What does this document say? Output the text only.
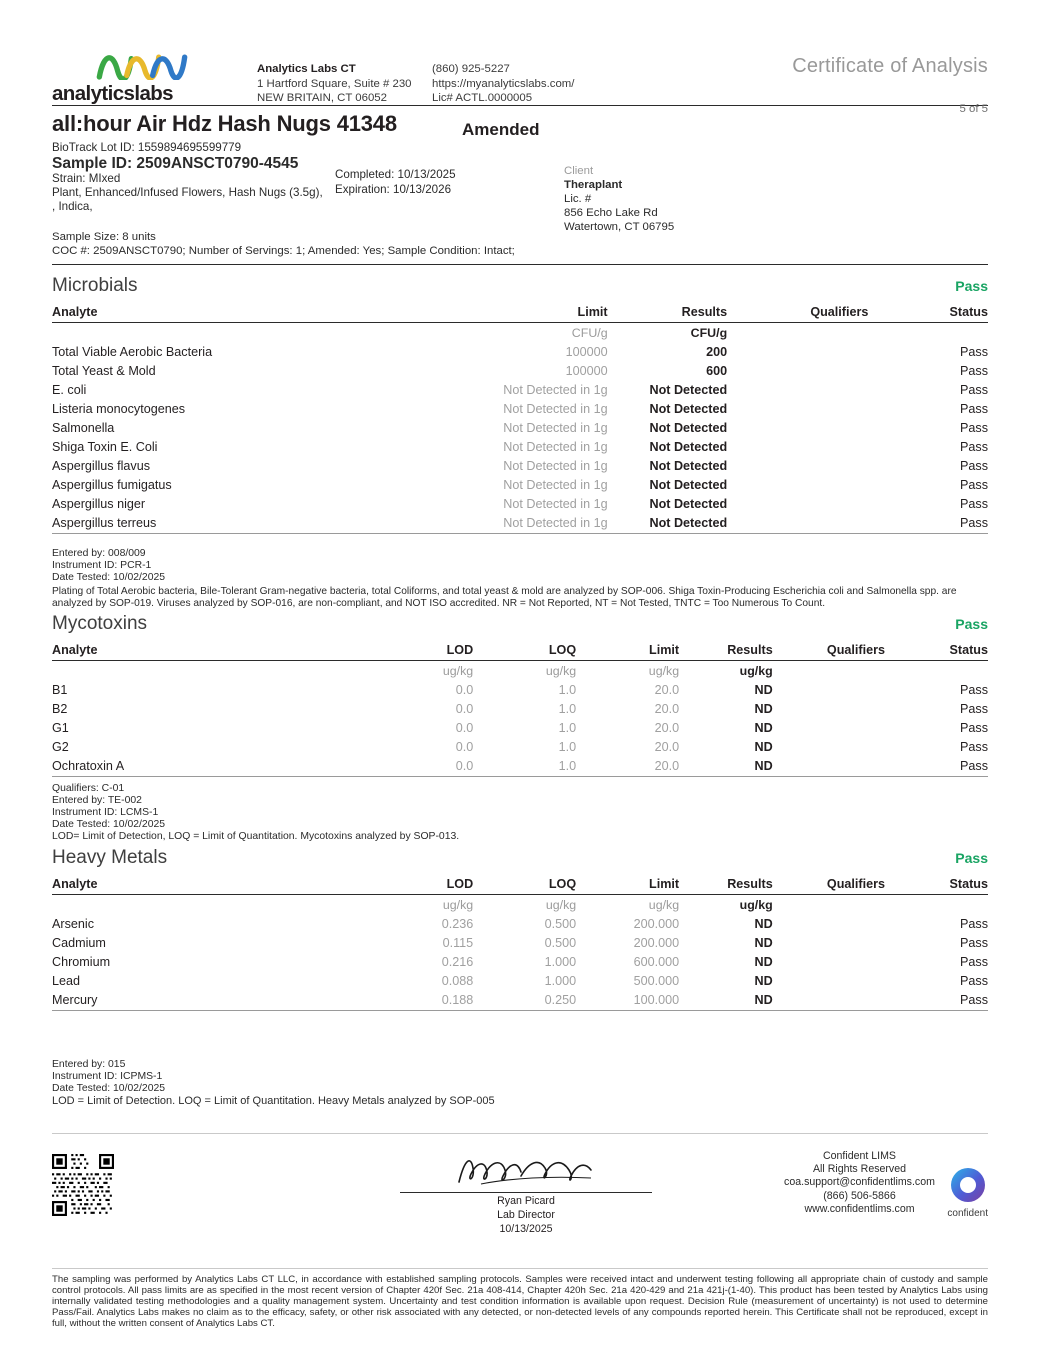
analyticslabs
Analytics Labs CT
1 Hartford Square, Suite # 230
NEW BRITAIN, CT 06052
(860) 925-5227
https://myanalyticslabs.com/
Lic# ACTL.0000005
Certificate of Analysis
5 of 5
Amended
all:hour Air Hdz Hash Nugs 41348
BioTrack Lot ID: 1559894695599779
Sample ID: 2509ANSCT0790-4545
Strain: MIxed
Plant, Enhanced/Infused Flowers, Hash Nugs (3.5g),
, Indica,
Completed: 10/13/2025
Expiration: 10/13/2026
Client
Theraplant
Lic. #
856 Echo Lake Rd
Watertown, CT 06795
Sample Size: 8 units
COC #: 2509ANSCT0790; Number of Servings: 1; Amended: Yes; Sample Condition: Intact;
Microbials	Pass
Analyte	Limit	Results	Qualifiers	Status
	CFU/g	CFU/g		
Total Viable Aerobic Bacteria	100000	200		Pass
Total Yeast & Mold	100000	600		Pass
E. coli	Not Detected in 1g	Not Detected		Pass
Listeria monocytogenes	Not Detected in 1g	Not Detected		Pass
Salmonella	Not Detected in 1g	Not Detected		Pass
Shiga Toxin E. Coli	Not Detected in 1g	Not Detected		Pass
Aspergillus flavus	Not Detected in 1g	Not Detected		Pass
Aspergillus fumigatus	Not Detected in 1g	Not Detected		Pass
Aspergillus niger	Not Detected in 1g	Not Detected		Pass
Aspergillus terreus	Not Detected in 1g	Not Detected		Pass
Entered by: 008/009
Instrument ID: PCR-1
Date Tested: 10/02/2025
Plating of Total Aerobic bacteria, Bile-Tolerant Gram-negative bacteria, total Coliforms, and total yeast & mold are analyzed by SOP-006. Shiga Toxin-Producing Escherichia coli and Salmonella spp. are analyzed by SOP-019. Viruses analyzed by SOP-016, are non-compliant, and NOT ISO accredited. NR = Not Reported, NT = Not Tested, TNTC = Too Numerous To Count.
Mycotoxins	Pass
Analyte	LOD	LOQ	Limit	Results	Qualifiers	Status
	ug/kg	ug/kg	ug/kg	ug/kg		
B1	0.0	1.0	20.0	ND		Pass
B2	0.0	1.0	20.0	ND		Pass
G1	0.0	1.0	20.0	ND		Pass
G2	0.0	1.0	20.0	ND		Pass
Ochratoxin A	0.0	1.0	20.0	ND		Pass
Qualifiers: C-01
Entered by: TE-002
Instrument ID: LCMS-1
Date Tested: 10/02/2025
LOD= Limit of Detection, LOQ = Limit of Quantitation. Mycotoxins analyzed by SOP-013.
Heavy Metals	Pass
Analyte	LOD	LOQ	Limit	Results	Qualifiers	Status
	ug/kg	ug/kg	ug/kg	ug/kg		
Arsenic	0.236	0.500	200.000	ND		Pass
Cadmium	0.115	0.500	200.000	ND		Pass
Chromium	0.216	1.000	600.000	ND		Pass
Lead	0.088	1.000	500.000	ND		Pass
Mercury	0.188	0.250	100.000	ND		Pass
Entered by: 015
Instrument ID: ICPMS-1
Date Tested: 10/02/2025
LOD = Limit of Detection. LOQ = Limit of Quantitation. Heavy Metals analyzed by SOP-005
Ryan Picard
Lab Director
10/13/2025
Confident LIMS
All Rights Reserved
coa.support@confidentlims.com
(866) 506-5866
www.confidentlims.com
	confident
The sampling was performed by Analytics Labs CT LLC, in accordance with established sampling protocols. Samples were received intact and underwent testing following all appropriate chain of custody and sample control protocols. All pass limits are as specified in the most recent version of Chapter 420f Sec. 21a 408-414, Chapter 420h Sec. 21a 420-429 and 21a 421j-(1-40). This product has been tested by Analytics Labs using internally validated testing methodologies and a quality management system. Uncertainty and test condition information is available upon request. Decision Rule (measurement of uncertainty) is not used to determine Pass/Fail. Analytics Labs makes no claim as to the efficacy, safety, or other risk associated with any detected, or non-detected levels of any compounds reported herein. This Certificate shall not be reproduced, except in full, without the written consent of Analytics Labs CT.
